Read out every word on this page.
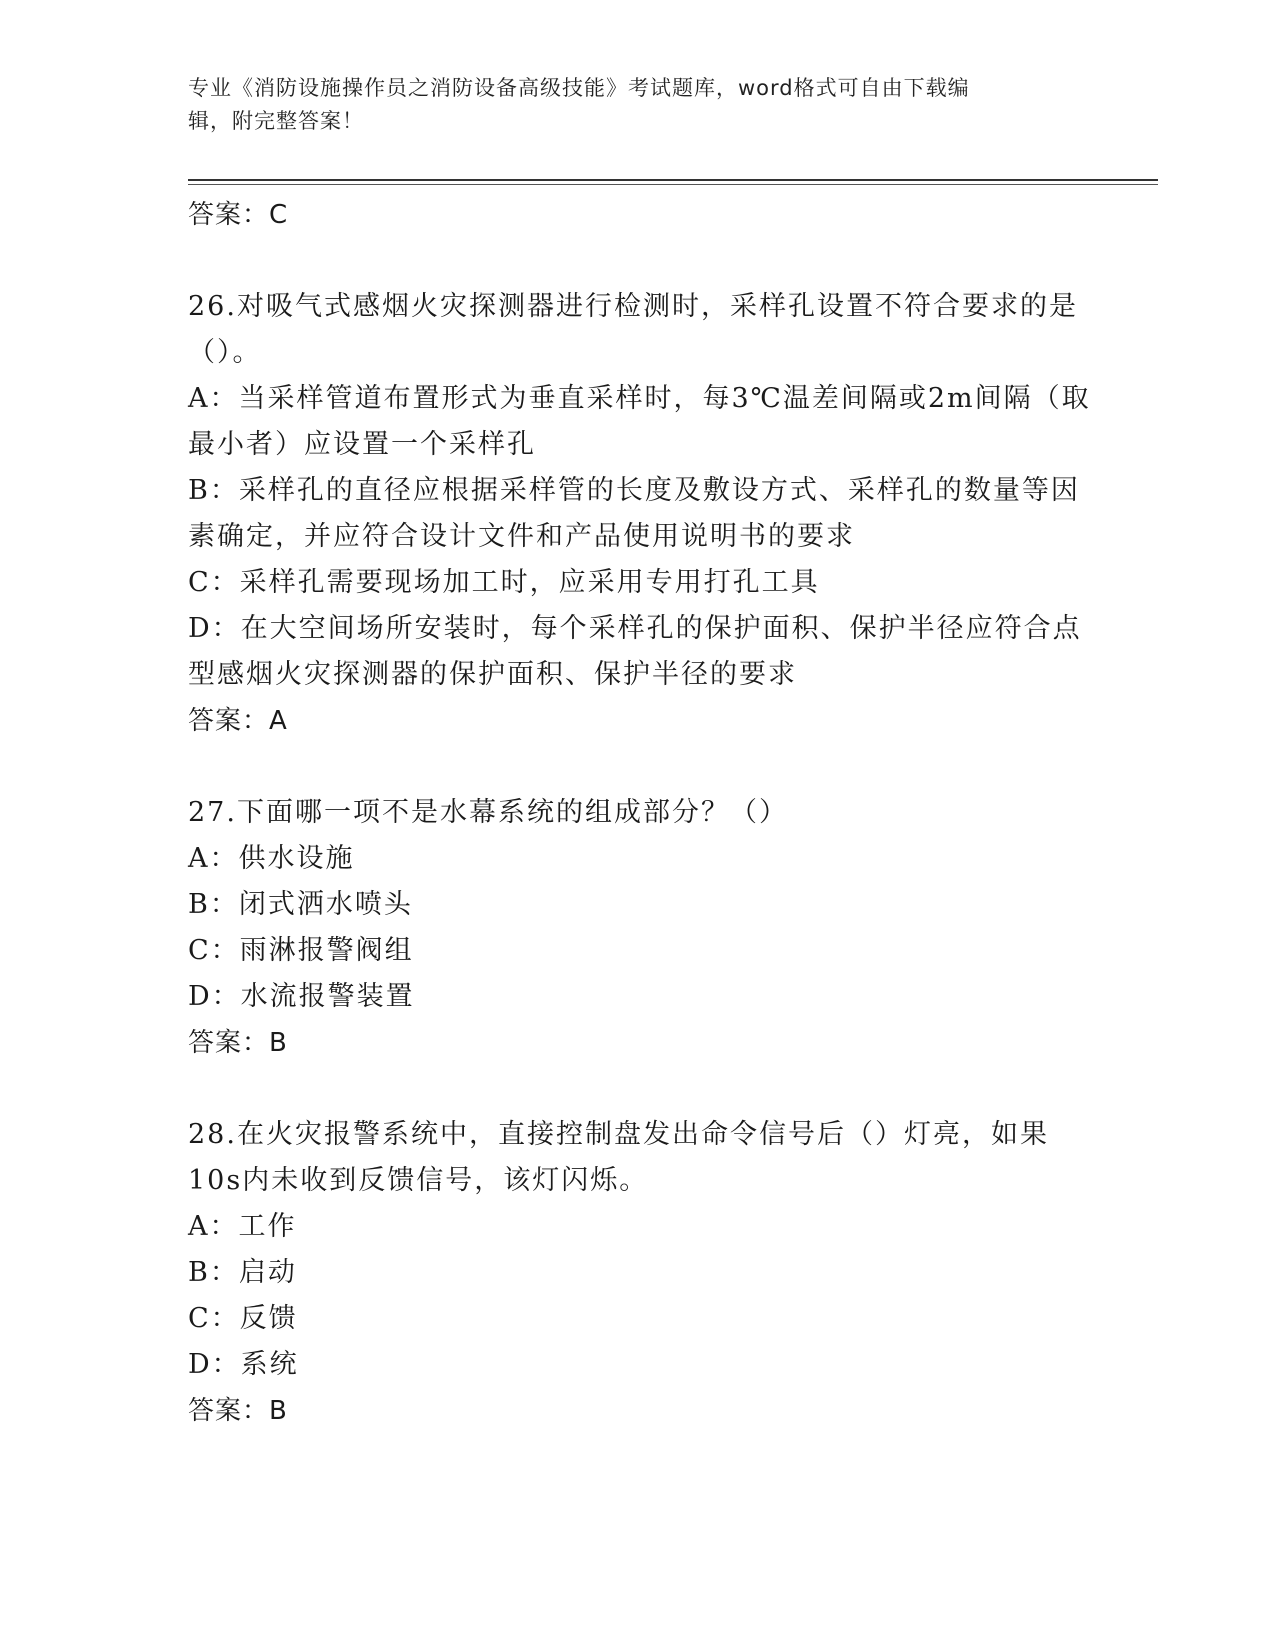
专业《消防设施操作员之消防设备高级技能》考试题库，word格式可自由下载编
辑，附完整答案！
答案：C
26.对吸气式感烟火灾探测器进行检测时，采样孔设置不符合要求的是
（）。
A：当采样管道布置形式为垂直采样时，每3℃温差间隔或2m间隔（取
最小者）应设置一个采样孔
B：采样孔的直径应根据采样管的长度及敷设方式、采样孔的数量等因
素确定，并应符合设计文件和产品使用说明书的要求
C：采样孔需要现场加工时，应采用专用打孔工具
D：在大空间场所安装时，每个采样孔的保护面积、保护半径应符合点
型感烟火灾探测器的保护面积、保护半径的要求
答案：A
27.下面哪一项不是水幕系统的组成部分？（）
A：供水设施
B：闭式洒水喷头
C：雨淋报警阀组
D：水流报警装置
答案：B
28.在火灾报警系统中，直接控制盘发出命令信号后（）灯亮，如果
10s内未收到反馈信号，该灯闪烁。
A：工作
B：启动
C：反馈
D：系统
答案：B
